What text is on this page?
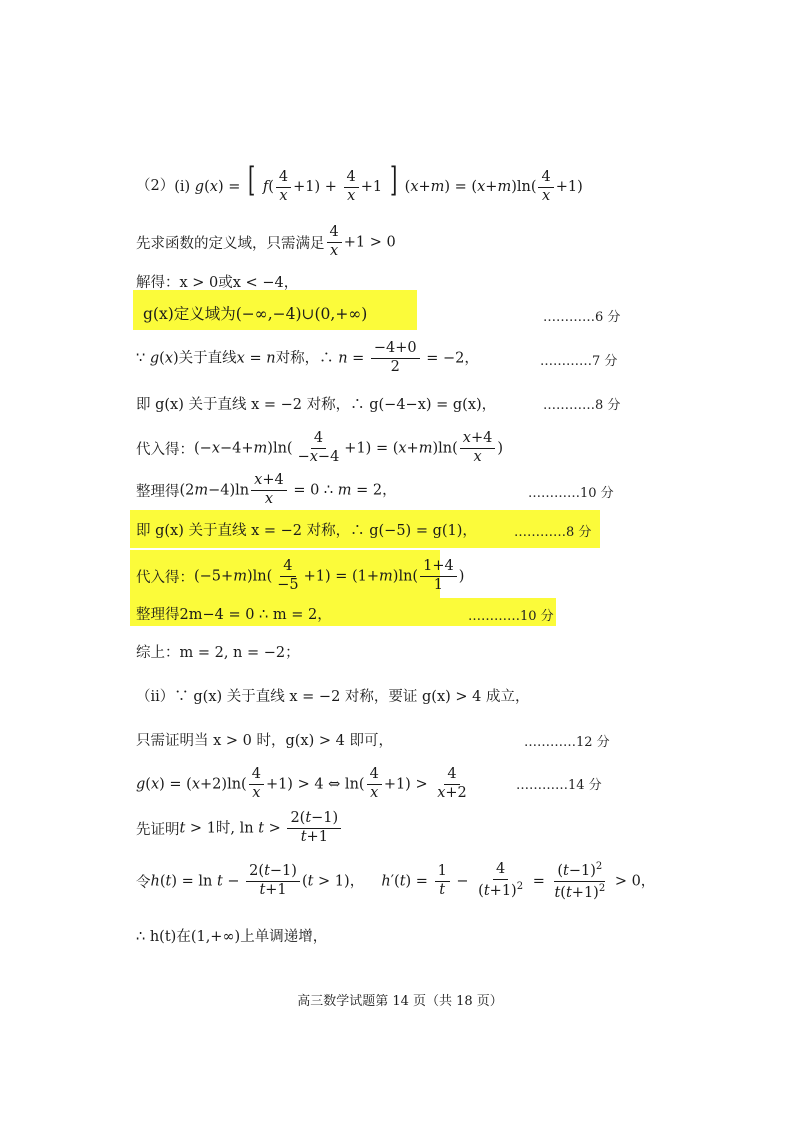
（2） (i) g(x) = [ $f( \frac{4}{x} +1) + \frac{4}{x} +1$ ] $(x+m) = (x+m)\ln( \frac{4}{x} +1)$
先求函数的定义域，只需满足 $\frac{4}{x} +1 > 0$
解得： x > 0或x < −4，
g(x)定义域为(−∞,−4)∪(0,+∞)	…………6 分
∵ g(x)关于直线x = n对称，∴ $n = \frac{-4+0}{2} = -2$，	…………7 分
即 g(x) 关于直线 x = −2 对称，∴ g(−4−x) = g(x)，	…………8 分
代入得： $(-x-4+m)\ln( \frac{4}{-x-4} +1) = (x+m)\ln( \frac{x+4}{x}$ )
整理得 $(2m-4)\ln \frac{x+4}{x} = 0$ ∴ m = 2，	…………10 分
即 g(x) 关于直线 x = −2 对称，∴ g(−5) = g(1)，	…………8 分
代入得： $(-5+m)\ln( \frac{4}{-5} +1) = (1+m)\ln( \frac{1+4}{1}$ )
整理得 2m−4 = 0 ∴ m = 2，	…………10 分
综上： m = 2, n = −2；
（ii）∵ g(x) 关于直线 x = −2 对称，要证 g(x) > 4 成立，
只需证明当 x > 0 时，g(x) > 4 即可，	…………12 分
$g(x) = (x+2)\ln( \frac{4}{x} +1) > 4$ ⇔ $\ln( \frac{4}{x} +1) > \frac{4}{x+2}$	…………14 分
先证明 t > 1时, $\ln t > \frac{2(t-1)}{t+1}$
令 $h(t) = \ln t - \frac{2(t-1)}{t+1} (t > 1)$，  $h'(t) = \frac{1}{t} - \frac{4}{(t+1)^2} = \frac{(t-1)^2}{t(t+1)^2} > 0$，
∴ h(t)在(1,+∞)上单调递增，
高三数学试题第 14 页（共 18 页）
